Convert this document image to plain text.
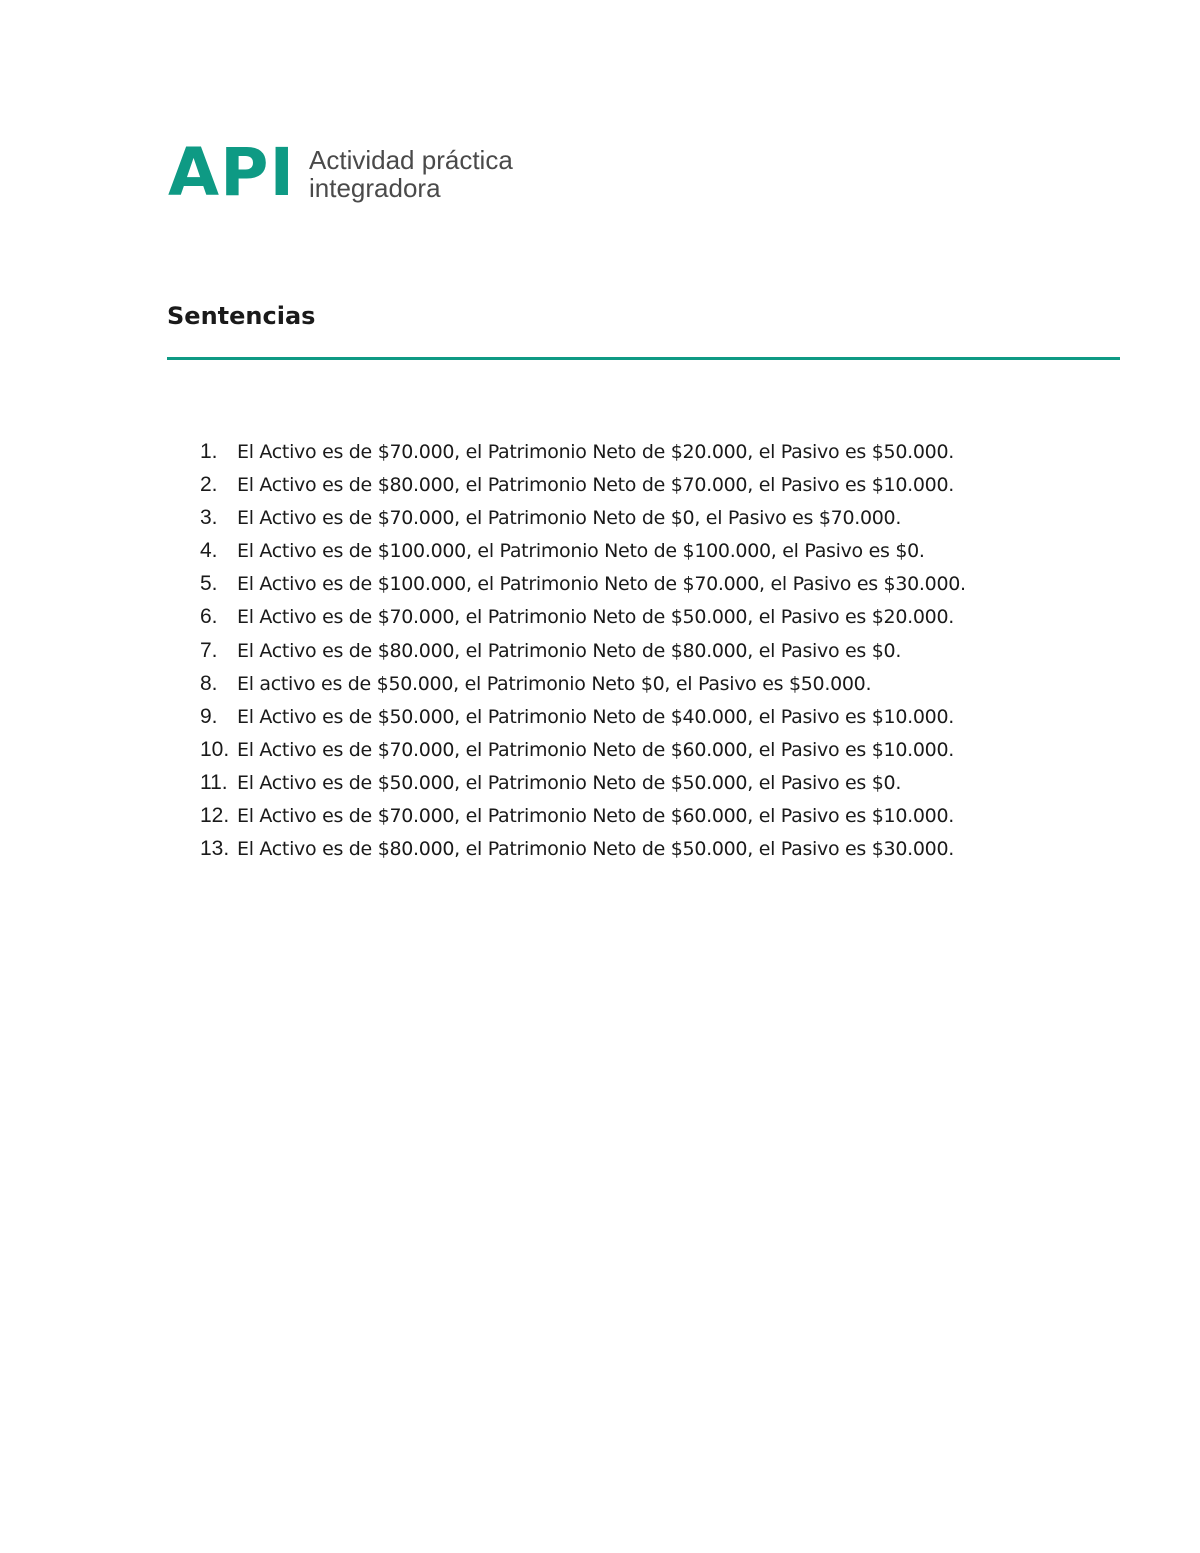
API Actividad práctica
integradora
Sentencias
1.	El Activo es de $70.000, el Patrimonio Neto de $20.000, el Pasivo es $50.000.
2.	El Activo es de $80.000, el Patrimonio Neto de $70.000, el Pasivo es $10.000.
3.	El Activo es de $70.000, el Patrimonio Neto de $0, el Pasivo es $70.000.
4.	El Activo es de $100.000, el Patrimonio Neto de $100.000, el Pasivo es $0.
5.	El Activo es de $100.000, el Patrimonio Neto de $70.000, el Pasivo es $30.000.
6.	El Activo es de $70.000, el Patrimonio Neto de $50.000, el Pasivo es $20.000.
7.	El Activo es de $80.000, el Patrimonio Neto de $80.000, el Pasivo es $0.
8.	El activo es de $50.000, el Patrimonio Neto $0, el Pasivo es $50.000.
9.	El Activo es de $50.000, el Patrimonio Neto de $40.000, el Pasivo es $10.000.
10. El Activo es de $70.000, el Patrimonio Neto de $60.000, el Pasivo es $10.000.
11. El Activo es de $50.000, el Patrimonio Neto de $50.000, el Pasivo es $0.
12. El Activo es de $70.000, el Patrimonio Neto de $60.000, el Pasivo es $10.000.
13. El Activo es de $80.000, el Patrimonio Neto de $50.000, el Pasivo es $30.000.
